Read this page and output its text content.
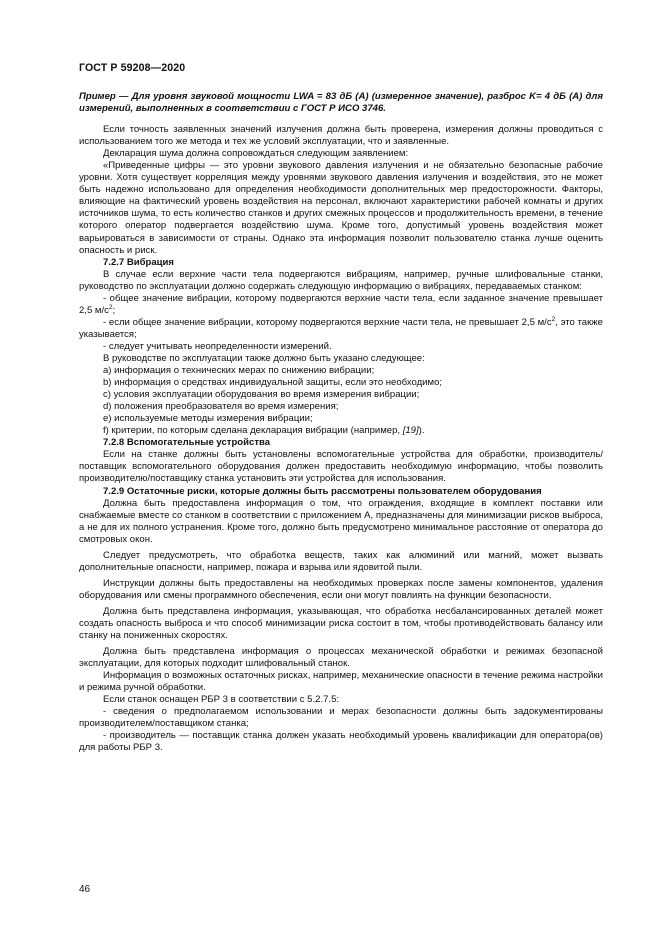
ГОСТ Р 59208—2020

Пример — Для уровня звуковой мощности LWA = 83 дБ (А) (измеренное значение), разброс K= 4 дБ (А) для измерений, выполненных в соответствии с ГОСТ Р ИСО 3746.

Если точность заявленных значений излучения должна быть проверена, измерения должны проводиться с использованием того же метода и тех же условий эксплуатации, что и заявленные.

Декларация шума должна сопровождаться следующим заявлением:

«Приведенные цифры — это уровни звукового давления излучения и не обязательно безопасные рабочие уровни. Хотя существует корреляция между уровнями звукового давления излучения и воздействия, это не может быть надежно использовано для определения необходимости дополнительных мер предосторожности. Факторы, влияющие на фактический уровень воздействия на персонал, включают характеристики рабочей комнаты и других источников шума, то есть количество станков и других смежных процессов и продолжительность времени, в течение которого оператор подвергается воздействию шума. Кроме того, допустимый уровень воздействия может варьироваться в зависимости от страны. Однако эта информация позволит пользователю станка лучше оценить опасность и риск.

7.2.7 Вибрация

В случае если верхние части тела подвергаются вибрациям, например, ручные шлифовальные станки, руководство по эксплуатации должно содержать следующую информацию о вибрациях, передаваемых станком:

- общее значение вибрации, которому подвергаются верхние части тела, если заданное значение превышает 2,5 $м/с^2$;

- если общее значение вибрации, которому подвергаются верхние части тела, не превышает 2,5 $м/с^2$, это также указывается;

- следует учитывать неопределенности измерений.

В руководстве по эксплуатации также должно быть указано следующее:

a) информация о технических мерах по снижению вибрации;

b) информация о средствах индивидуальной защиты, если это необходимо;

c) условия эксплуатации оборудования во время измерения вибрации;

d) положения преобразователя во время измерения;

e) используемые методы измерения вибрации;

f) критерии, по которым сделана декларация вибрации (например, [19]).

7.2.8 Вспомогательные устройства

Если на станке должны быть установлены вспомогательные устройства для обработки, производитель/поставщик вспомогательного оборудования должен предоставить необходимую информацию, чтобы позволить производителю/поставщику станка установить эти устройства для использования.

7.2.9 Остаточные риски, которые должны быть рассмотрены пользователем оборудования

Должна быть предоставлена информация о том, что ограждения, входящие в комплект поставки или снабжаемые вместе со станком в соответствии с приложением А, предназначены для минимизации рисков выброса, а не для их полного устранения. Кроме того, должно быть предусмотрено минимальное расстояние от оператора до смотровых окон.

Следует предусмотреть, что обработка веществ, таких как алюминий или магний, может вызвать дополнительные опасности, например, пожара и взрыва или ядовитой пыли.

Инструкции должны быть предоставлены на необходимых проверках после замены компонентов, удаления оборудования или смены программного обеспечения, если они могут повлиять на функции безопасности.

Должна быть представлена информация, указывающая, что обработка несбалансированных деталей может создать опасность выброса и что способ минимизации риска состоит в том, чтобы противодействовать балансу или станку на пониженных скоростях.

Должна быть представлена информация о процессах механической обработки и режимах безопасной эксплуатации, для которых подходит шлифовальный станок.

Информация о возможных остаточных рисках, например, механические опасности в течение режима настройки и режима ручной обработки.

Если станок оснащен РБР 3 в соответствии с 5.2.7.5:

- сведения о предполагаемом использовании и мерах безопасности должны быть задокументированы производителем/поставщиком станка;

- производитель — поставщик станка должен указать необходимый уровень квалификации для оператора(ов) для работы РБР 3.

46
